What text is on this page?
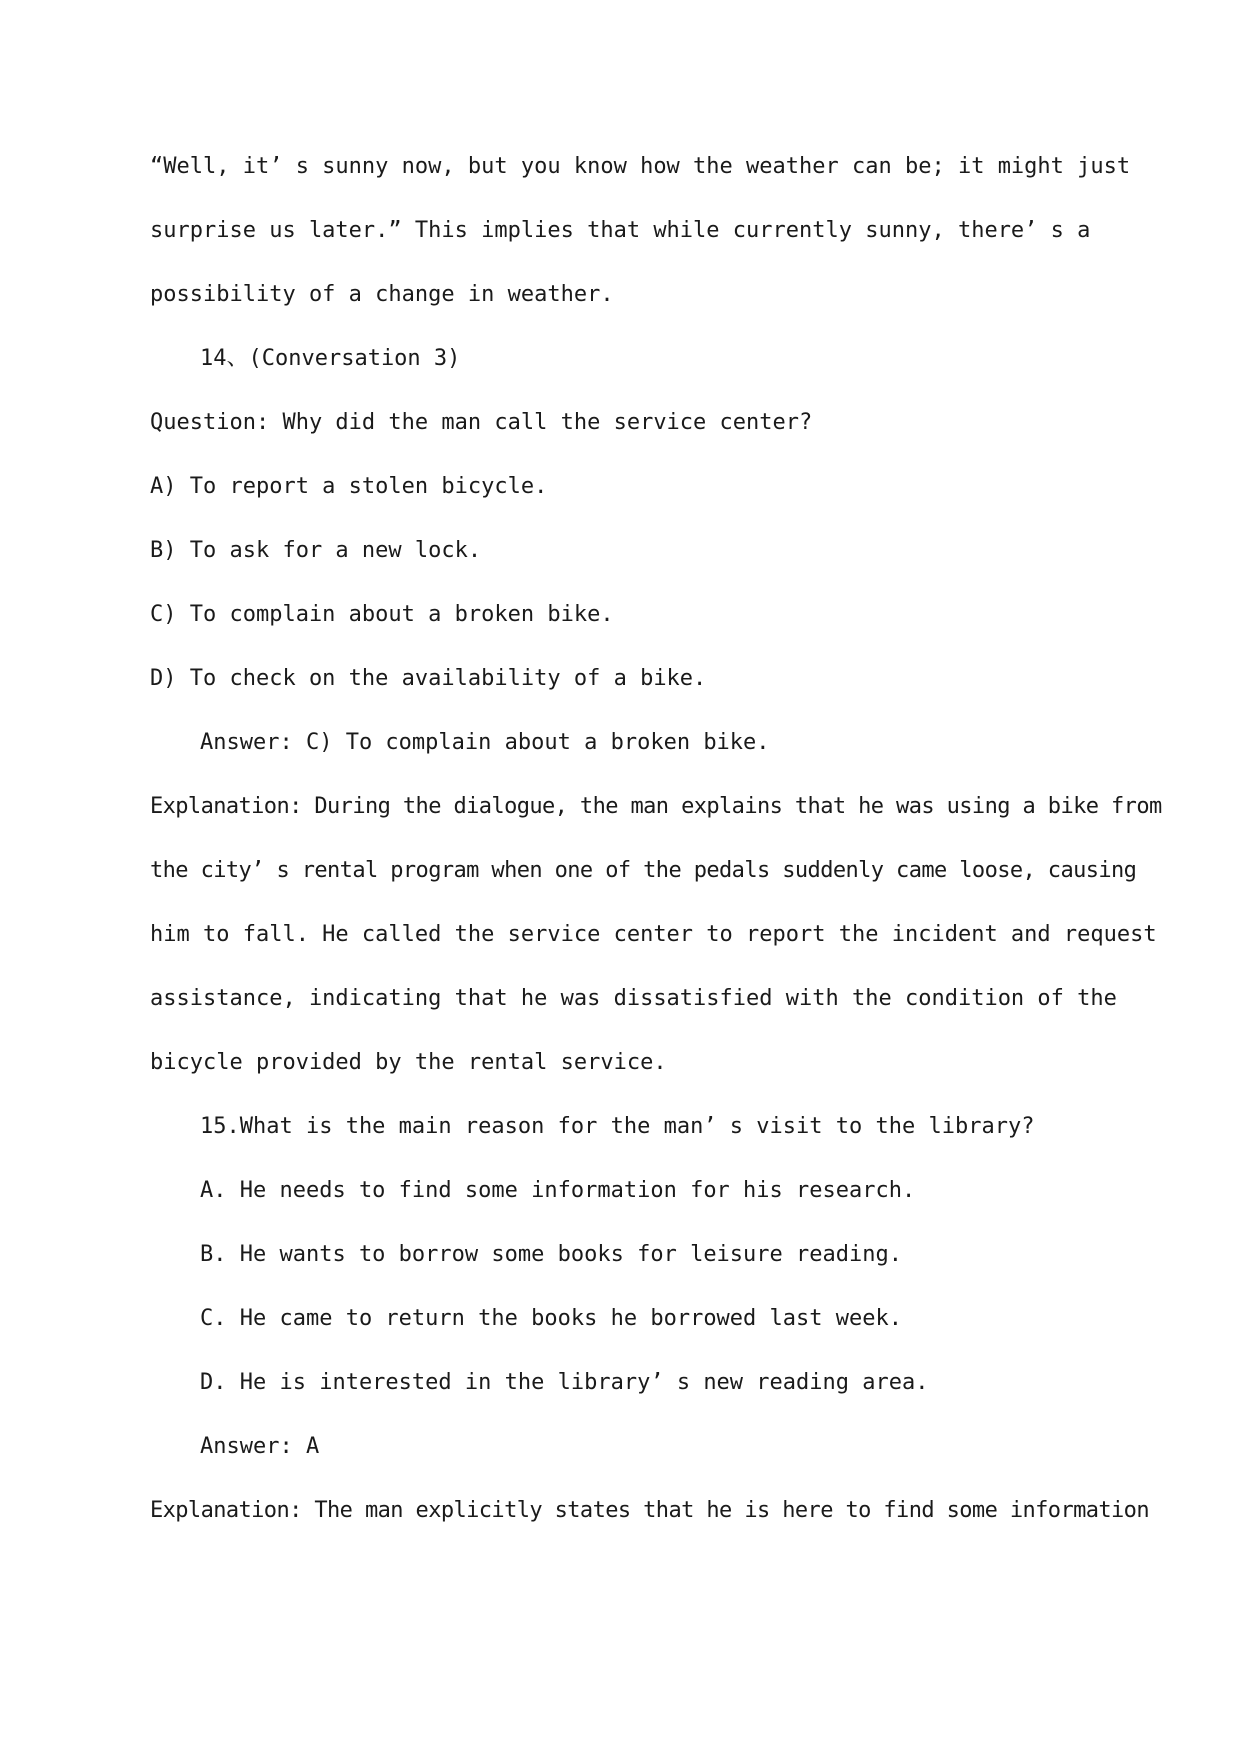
“Well, it’ s sunny now, but you know how the weather can be; it might just
surprise us later.” This implies that while currently sunny, there’ s a
possibility of a change in weather.
14、(Conversation 3)
Question: Why did the man call the service center?
A) To report a stolen bicycle.
B) To ask for a new lock.
C) To complain about a broken bike.
D) To check on the availability of a bike.
Answer: C) To complain about a broken bike.
Explanation: During the dialogue, the man explains that he was using a bike from
the city’ s rental program when one of the pedals suddenly came loose, causing
him to fall. He called the service center to report the incident and request
assistance, indicating that he was dissatisfied with the condition of the
bicycle provided by the rental service.
15.What is the main reason for the man’ s visit to the library?
A. He needs to find some information for his research.
B. He wants to borrow some books for leisure reading.
C. He came to return the books he borrowed last week.
D. He is interested in the library’ s new reading area.
Answer: A
Explanation: The man explicitly states that he is here to find some information
